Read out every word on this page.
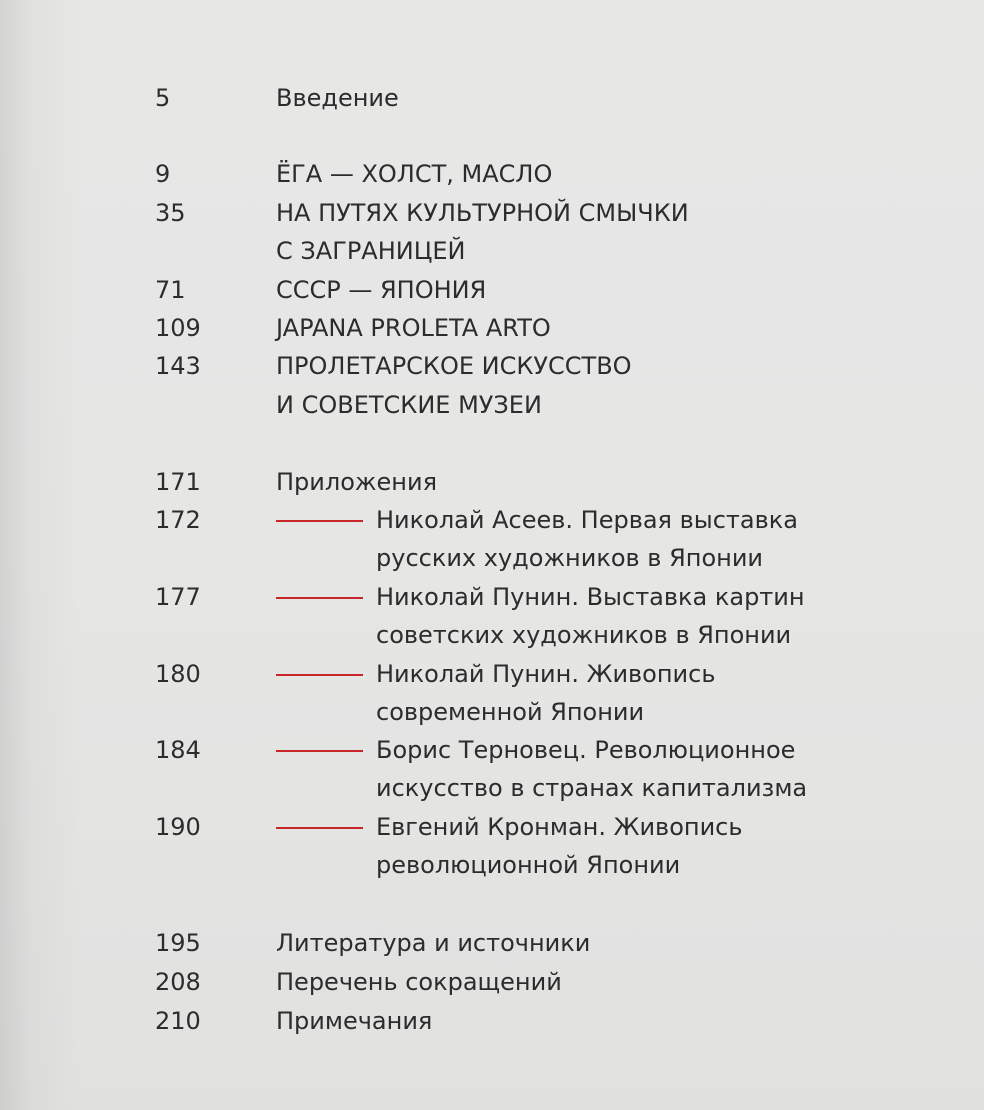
5	Введение
9	ЁГА — ХОЛСТ, МАСЛО
35	НА ПУТЯХ КУЛЬТУРНОЙ СМЫЧКИ
С ЗАГРАНИЦЕЙ
71	СССР — ЯПОНИЯ
109	JAPANA PROLETA ARTO
143	ПРОЛЕТАРСКОЕ ИСКУССТВО
И СОВЕТСКИЕ МУЗЕИ
171	Приложения
172	Николай Асеев. Первая выставка
русских художников в Японии
177	Николай Пунин. Выставка картин
советских художников в Японии
180	Николай Пунин. Живопись
современной Японии
184	Борис Терновец. Революционное
искусство в странах капитализма
190	Евгений Кронман. Живопись
революционной Японии
195	Литература и источники
208	Перечень сокращений
210	Примечания
